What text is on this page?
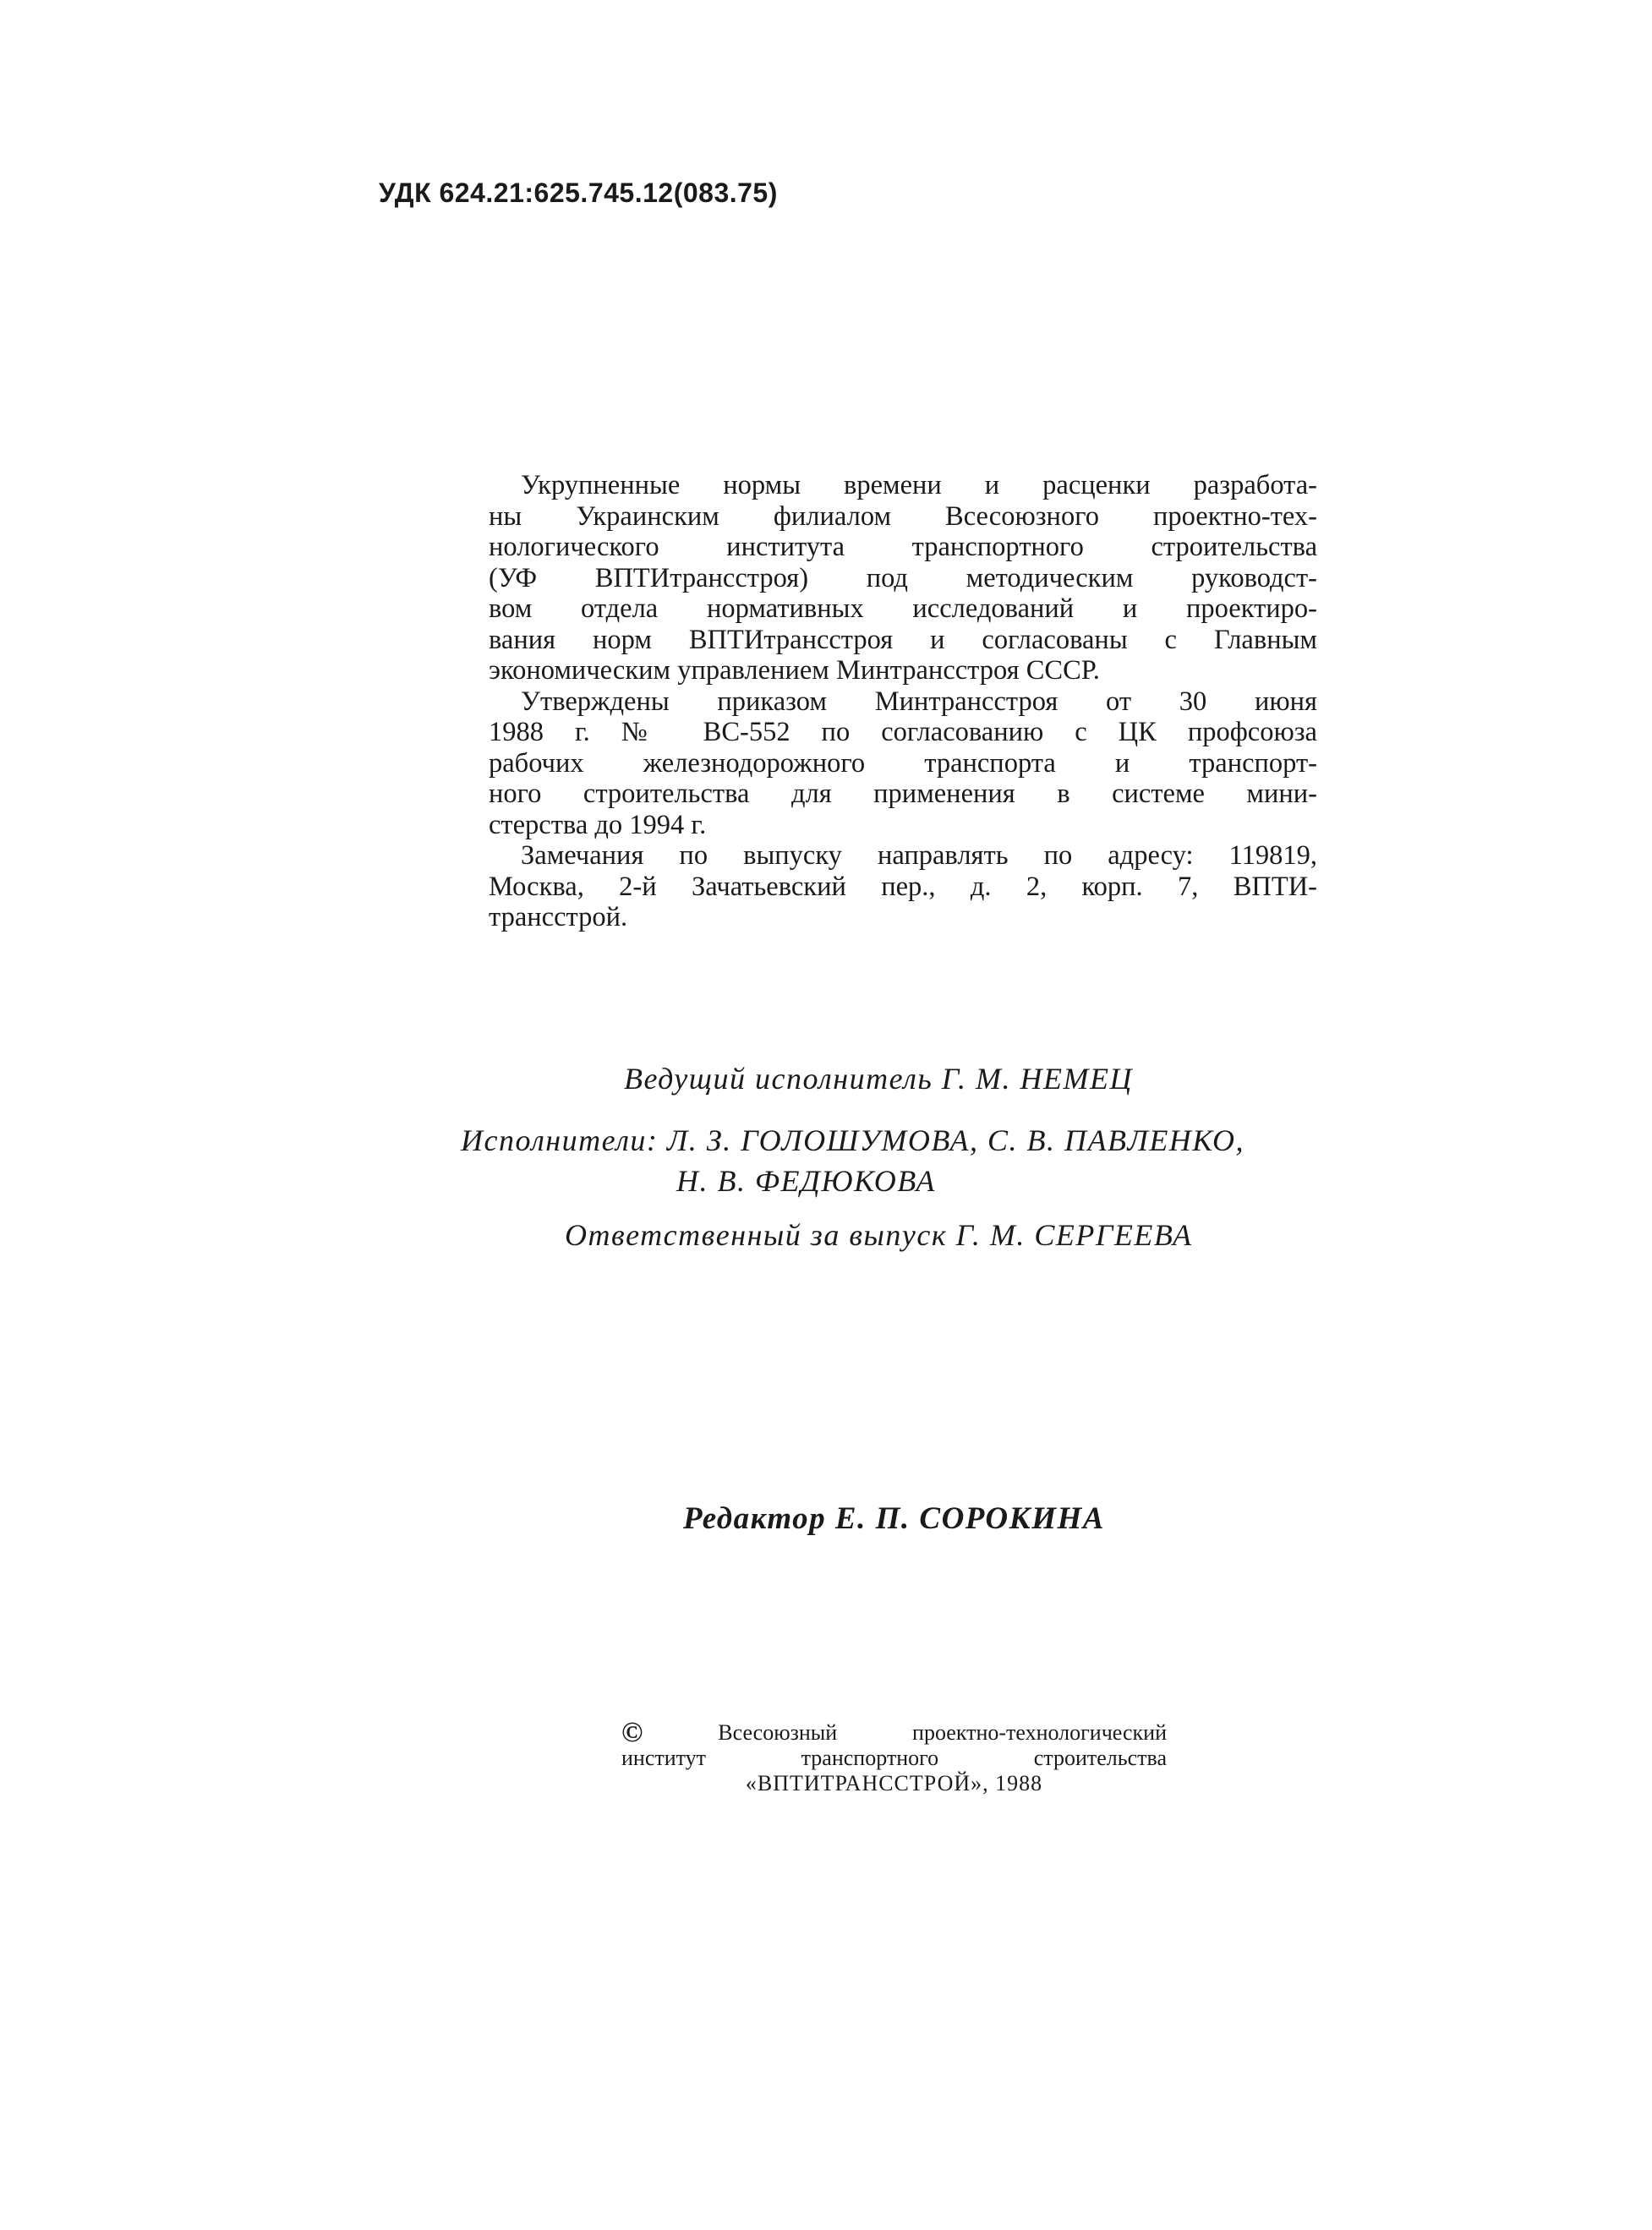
УДК 624.21:625.745.12(083.75)

Укрупненные нормы времени и расценки разработа-
ны Украинским филиалом Всесоюзного проектно-тех-
нологического института транспортного строительства
(УФ ВПТИтрансстроя) под методическим руководст-
вом отдела нормативных исследований и проектиро-
вания норм ВПТИтрансстроя и согласованы с Главным
экономическим управлением Минтрансстроя СССР.

Утверждены приказом Минтрансстроя от 30 июня
1988 г. № ВС-552 по согласованию с ЦК профсоюза
рабочих железнодорожного транспорта и транспорт-
ного строительства для применения в системе мини-
стерства до 1994 г.

Замечания по выпуску направлять по адресу: 119819,
Москва, 2-й Зачатьевский пер., д. 2, корп. 7, ВПТИ-
трансстрой.

Ведущий исполнитель Г. М. НЕМЕЦ
Исполнители: Л. З. ГОЛОШУМОВА, С. В. ПАВЛЕНКО,
Н. В. ФЕДЮКОВА
Ответственный за выпуск Г. М. СЕРГЕЕВА
Редактор Е. П. СОРОКИНА
©	Всесоюзный проектно-технологический
институт транспортного строительства
«ВПТИТРАНССТРОЙ», 1988
